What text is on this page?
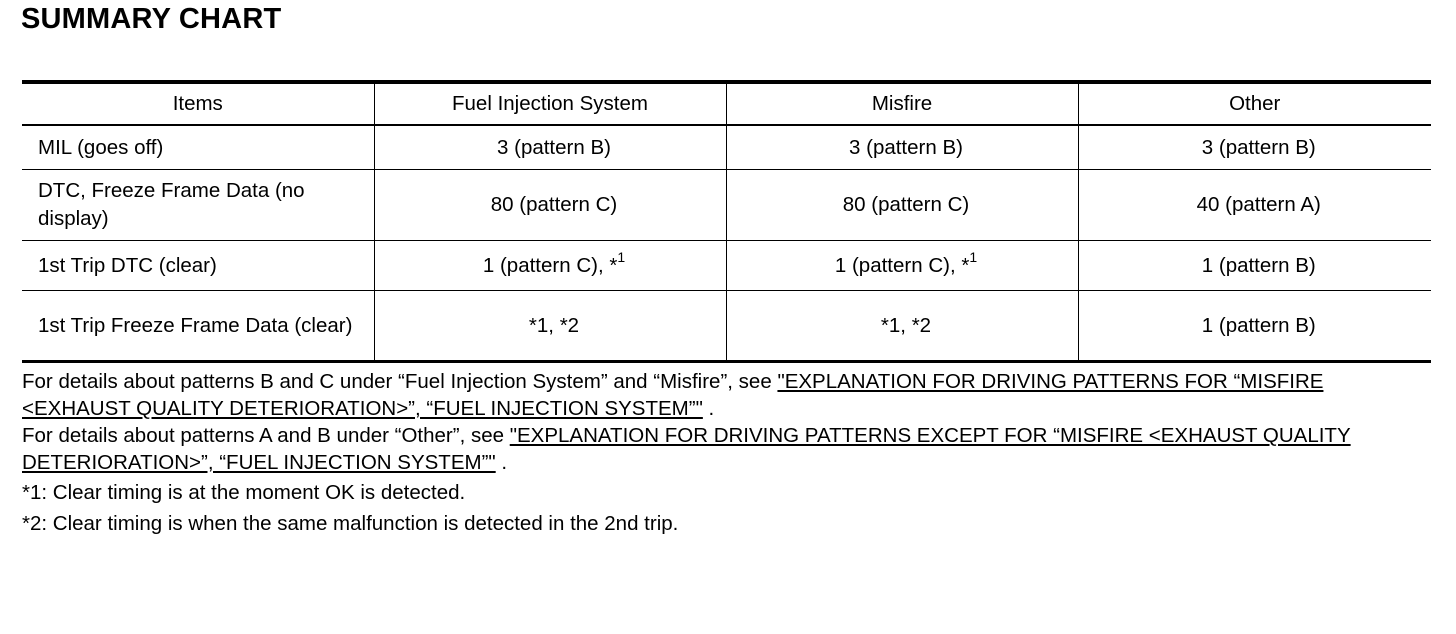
SUMMARY CHART
Items	Fuel Injection System	Misfire	Other
MIL (goes off)	3 (pattern B)	3 (pattern B)	3 (pattern B)
DTC, Freeze Frame Data (no display)	80 (pattern C)	80 (pattern C)	40 (pattern A)
1st Trip DTC (clear)	1 (pattern C), *$^1$	1 (pattern C), *$^1$	1 (pattern B)
1st Trip Freeze Frame Data (clear)	*1, *2	*1, *2	1 (pattern B)

For details about patterns B and C under “Fuel Injection System” and “Misfire”, see "EXPLANATION FOR DRIVING PATTERNS FOR “MISFIRE <EXHAUST QUALITY DETERIORATION>”, “FUEL INJECTION SYSTEM”" .

For details about patterns A and B under “Other”, see "EXPLANATION FOR DRIVING PATTERNS EXCEPT FOR “MISFIRE <EXHAUST QUALITY DETERIORATION>”, “FUEL INJECTION SYSTEM”" .

*1: Clear timing is at the moment OK is detected.

*2: Clear timing is when the same malfunction is detected in the 2nd trip.
